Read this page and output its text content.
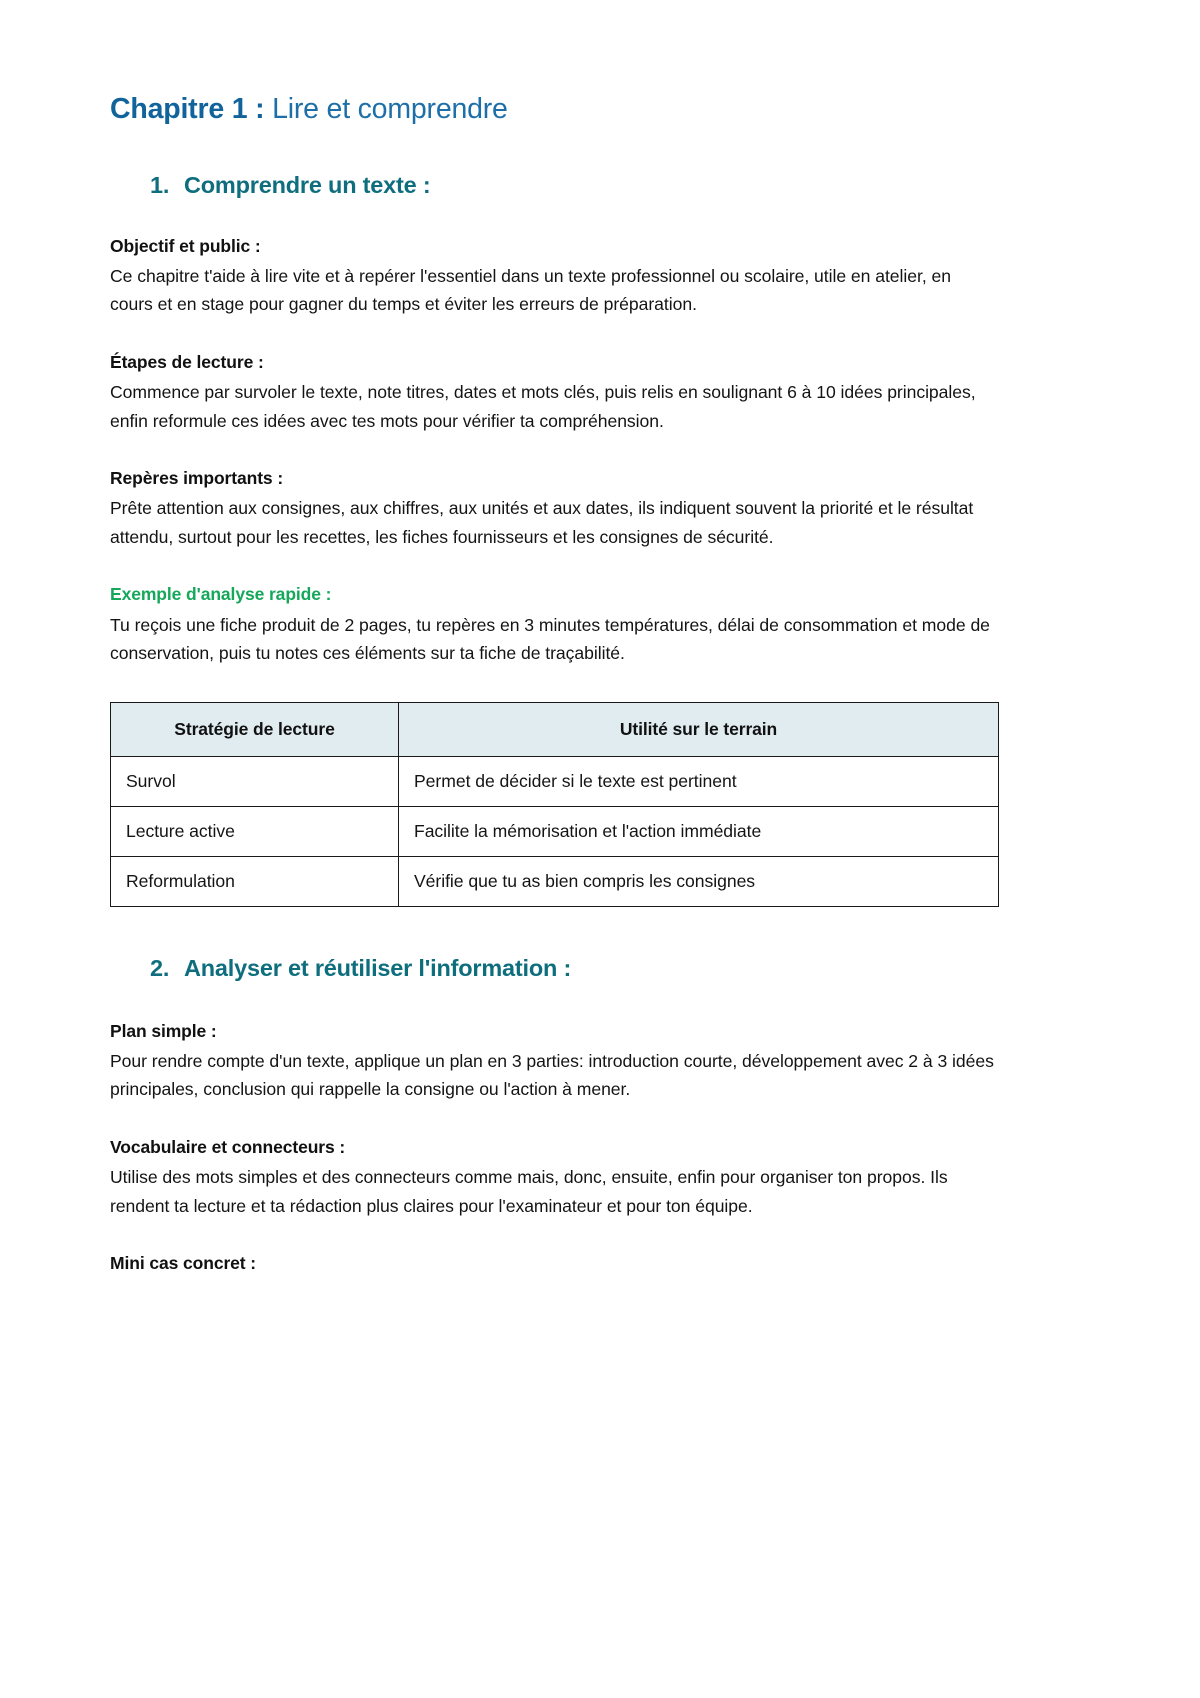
Chapitre 1 : Lire et comprendre
1. Comprendre un texte :
Objectif et public :

Ce chapitre t'aide à lire vite et à repérer l'essentiel dans un texte professionnel ou scolaire, utile en atelier, en cours et en stage pour gagner du temps et éviter les erreurs de préparation.

Étapes de lecture :

Commence par survoler le texte, note titres, dates et mots clés, puis relis en soulignant 6 à 10 idées principales, enfin reformule ces idées avec tes mots pour vérifier ta compréhension.

Repères importants :

Prête attention aux consignes, aux chiffres, aux unités et aux dates, ils indiquent souvent la priorité et le résultat attendu, surtout pour les recettes, les fiches fournisseurs et les consignes de sécurité.

Exemple d'analyse rapide :

Tu reçois une fiche produit de 2 pages, tu repères en 3 minutes températures, délai de consommation et mode de conservation, puis tu notes ces éléments sur ta fiche de traçabilité.

Stratégie de lecture	Utilité sur le terrain

Survol	Permet de décider si le texte est pertinent

Lecture active	Facilite la mémorisation et l'action immédiate

Reformulation	Vérifie que tu as bien compris les consignes
2. Analyser et réutiliser l'information :
Plan simple :

Pour rendre compte d'un texte, applique un plan en 3 parties: introduction courte, développement avec 2 à 3 idées principales, conclusion qui rappelle la consigne ou l'action à mener.

Vocabulaire et connecteurs :

Utilise des mots simples et des connecteurs comme mais, donc, ensuite, enfin pour organiser ton propos. Ils rendent ta lecture et ta rédaction plus claires pour l'examinateur et pour ton équipe.

Mini cas concret :
